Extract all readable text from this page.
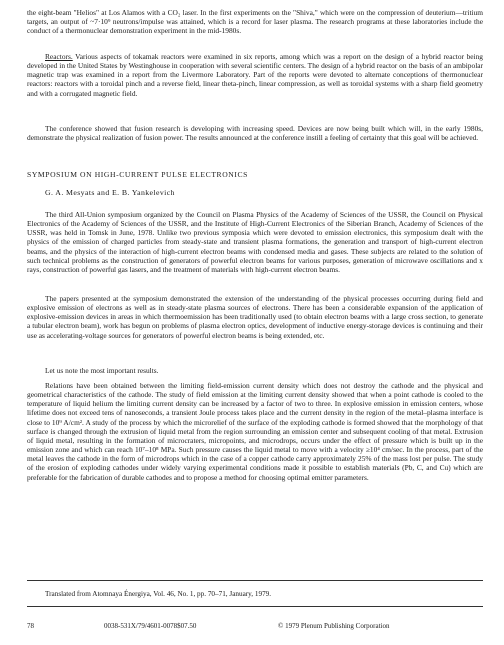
the eight-beam "Helios" at Los Alamos with a CO₂ laser. In the first experiments on the "Shiva," which were on the compression of deuterium—tritium targets, an output of ~7·10⁹ neutrons/impulse was attained, which is a record for laser plasma. The research programs at these laboratories include the conduct of a thermonuclear demonstration experiment in the mid-1980s.

Reactors. Various aspects of tokamak reactors were examined in six reports, among which was a report on the design of a hybrid reactor being developed in the United States by Westinghouse in cooperation with several scientific centers. The design of a hybrid reactor on the basis of an ambipolar magnetic trap was examined in a report from the Livermore Laboratory. Part of the reports were devoted to alternate conceptions of thermonuclear reactors: reactors with a toroidal pinch and a reverse field, linear theta-pinch, linear compression, as well as toroidal systems with a sharp field geometry and with a corrugated magnetic field.

The conference showed that fusion research is developing with increasing speed. Devices are now being built which will, in the early 1980s, demonstrate the physical realization of fusion power. The results announced at the conference instill a feeling of certainty that this goal will be achieved.

SYMPOSIUM ON HIGH-CURRENT PULSE ELECTRONICS

G. A. Mesyats and E. B. Yankelevich

The third All-Union symposium organized by the Council on Plasma Physics of the Academy of Sciences of the USSR, the Council on Physical Electronics of the Academy of Sciences of the USSR, and the Institute of High-Current Electronics of the Siberian Branch, Academy of Sciences of the USSR, was held in Tomsk in June, 1978. Unlike two previous symposia which were devoted to emission electronics, this symposium dealt with the physics of the emission of charged particles from steady-state and transient plasma formations, the generation and transport of high-current electron beams, and the physics of the interaction of high-current electron beams with condensed media and gases. These subjects are related to the solution of such technical problems as the construction of generators of powerful electron beams for various purposes, generation of microwave oscillations and x rays, construction of powerful gas lasers, and the treatment of materials with high-current electron beams.

The papers presented at the symposium demonstrated the extension of the understanding of the physical processes occurring during field and explosive emission of electrons as well as in steady-state plasma sources of electrons. There has been a considerable expansion of the application of explosive-emission devices in areas in which thermoemission has been traditionally used (to obtain electron beams with a large cross section, to generate a tubular electron beam), work has begun on problems of plasma electron optics, development of inductive energy-storage devices is continuing and their use as accelerating-voltage sources for generators of powerful electron beams is being extended, etc.

Let us note the most important results.

Relations have been obtained between the limiting field-emission current density which does not destroy the cathode and the physical and geometrical characteristics of the cathode. The study of field emission at the limiting current density showed that when a point cathode is cooled to the temperature of liquid helium the limiting current density can be increased by a factor of two to three. In explosive emission in emission centers, whose lifetime does not exceed tens of nanoseconds, a transient Joule process takes place and the current density in the region of the metal–plasma interface is close to 10⁹ A/cm². A study of the process by which the microrelief of the surface of the exploding cathode is formed showed that the morphology of that surface is changed through the extrusion of liquid metal from the region surrounding an emission center and subsequent cooling of that metal. Extrusion of liquid metal, resulting in the formation of microcraters, micropoints, and microdrops, occurs under the effect of pressure which is built up in the emission zone and which can reach 10⁷–10⁸ MPa. Such pressure causes the liquid metal to move with a velocity ≥10⁴ cm/sec. In the process, part of the metal leaves the cathode in the form of microdrops which in the case of a copper cathode carry approximately 25% of the mass lost per pulse. The study of the erosion of exploding cathodes under widely varying experimental conditions made it possible to establish materials (Pb, C, and Cu) which are preferable for the fabrication of durable cathodes and to propose a method for choosing optimal emitter parameters.

Translated from Atomnaya Énergiya, Vol. 46, No. 1, pp. 70–71, January, 1979.

78	0038-531X/79/4601-0078$07.50	© 1979 Plenum Publishing Corporation
